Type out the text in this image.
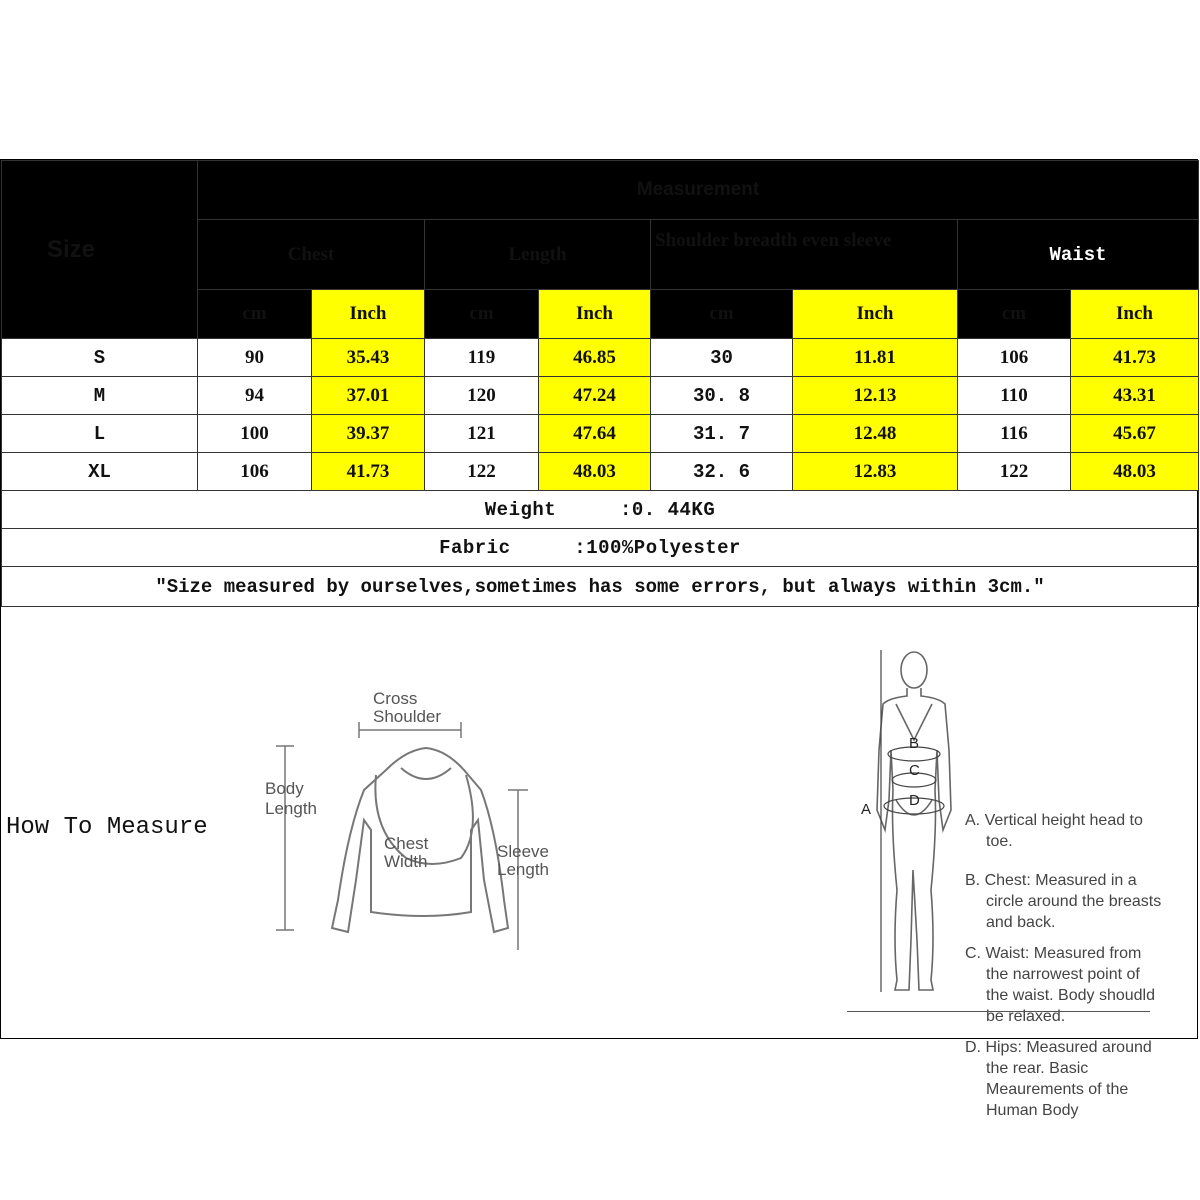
Size	Measurement							
	Chest		Length		Shoulder breadth even sleeve		Waist	
	cm	Inch	cm	Inch	cm	Inch	cm	Inch
S	90	35.43	119	46.85	30	11.81	106	41.73
M	94	37.01	120	47.24	30. 8	12.13	110	43.31
L	100	39.37	121	47.64	31. 7	12.48	116	45.67
XL	106	41.73	122	48.03	32. 6	12.83	122	48.03
Weight :0. 44KG								
Fabric :100%Polyester								
"Size measured by ourselves,sometimes has some errors, but always within 3cm."								
How To Measure
Cross Shoulder
Body Length
Chest Width
Sleeve Length
A
B
C
D

A. Vertical height head to toe.

B. Chest: Measured in a circle around the breasts and back.

C. Waist: Measured from the narrowest point of the waist. Body shoudld be relaxed.

D. Hips: Measured around the rear. Basic Meaurements of the Human Body
